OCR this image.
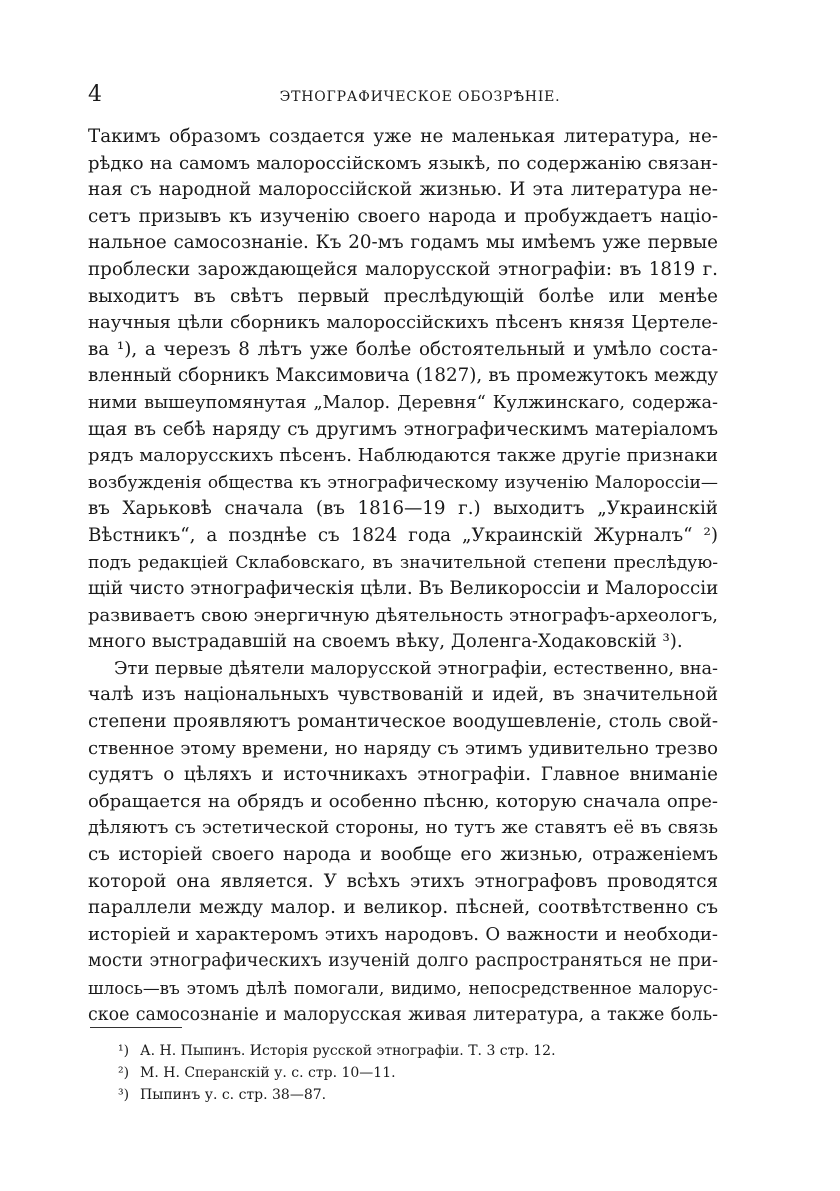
4	ЭТНОГРАФИЧЕСКОЕ ОБОЗРѢНІЕ.
Такимъ образомъ создается уже не маленькая литература, не-
рѣдко на самомъ малороссійскомъ языкѣ, по содержанію связан-
ная съ народной малороссійской жизнью. И эта литература не-
сетъ призывъ къ изученію своего народа и пробуждаетъ націо-
нальное самосознаніе. Къ 20-мъ годамъ мы имѣемъ уже первые
проблески зарождающейся малорусской этнографіи: въ 1819 г.
выходитъ въ свѣтъ первый преслѣдующій болѣе или менѣе
научныя цѣли сборникъ малороссійскихъ пѣсенъ князя Цертеле-
ва ¹), а черезъ 8 лѣтъ уже болѣе обстоятельный и умѣло соста-
вленный сборникъ Максимовича (1827), въ промежутокъ между
ними вышеупомянутая „Малор. Деревня“ Кулжинскаго, содержа-
щая въ себѣ наряду съ другимъ этнографическимъ матеріаломъ
рядъ малорусскихъ пѣсенъ. Наблюдаются также другіе признаки
возбужденія общества къ этнографическому изученію Малороссіи—
въ Харьковѣ сначала (въ 1816—19 г.) выходитъ „Украинскій
Вѣстникъ“, а позднѣе съ 1824 года „Украинскій Журналъ“ ²)
подъ редакціей Склабовскаго, въ значительной степени преслѣдую-
щій чисто этнографическія цѣли. Въ Великороссіи и Малороссіи
развиваетъ свою энергичную дѣятельность этнографъ-археологъ,
много выстрадавшій на своемъ вѣку, Доленга-Ходаковскій ³).
Эти первые дѣятели малорусской этнографіи, естественно, вна-
чалѣ изъ національныхъ чувствованій и идей, въ значительной
степени проявляютъ романтическое воодушевленіе, столь свой-
ственное этому времени, но наряду съ этимъ удивительно трезво
судятъ о цѣляхъ и источникахъ этнографіи. Главное вниманіе
обращается на обрядъ и особенно пѣсню, которую сначала опре-
дѣляютъ съ эстетической стороны, но тутъ же ставятъ её въ связь
съ исторіей своего народа и вообще его жизнью, отраженіемъ
которой она является. У всѣхъ этихъ этнографовъ проводятся
параллели между малор. и великор. пѣсней, соотвѣтственно съ
исторіей и характеромъ этихъ народовъ. О важности и необходи-
мости этнографическихъ изученій долго распространяться не при-
шлось—въ этомъ дѣлѣ помогали, видимо, непосредственное малорус-
ское самосознаніе и малорусская живая литература, а также боль-
¹) А. Н. Пыпинъ. Исторія русской этнографіи. Т. 3 стр. 12.
²) М. Н. Сперанскій у. с. стр. 10—11.
³) Пыпинъ у. с. стр. 38—87.
